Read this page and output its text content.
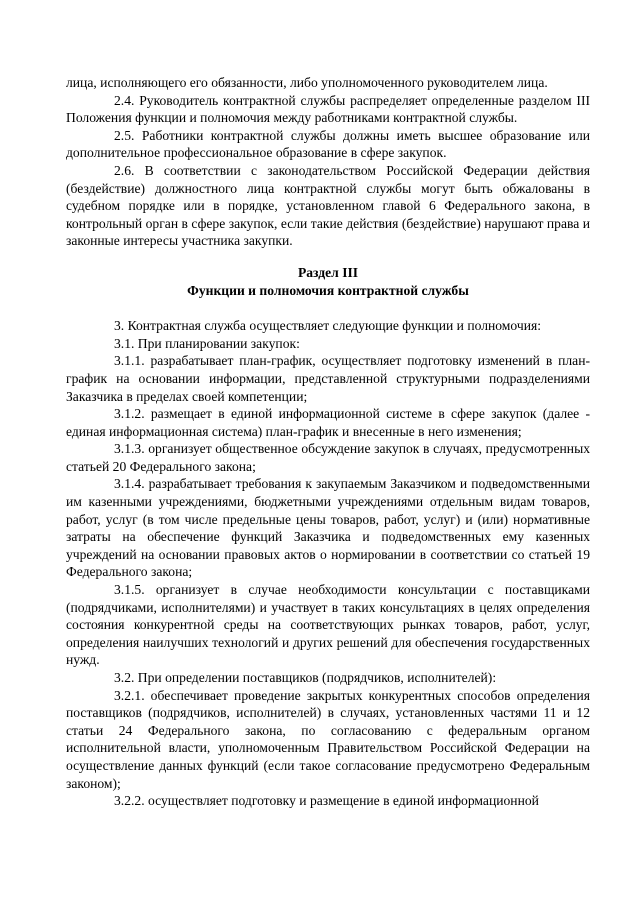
лица, исполняющего его обязанности, либо уполномоченного руководителем лица.

2.4. Руководитель контрактной службы распределяет определенные разделом III Положения функции и полномочия между работниками контрактной службы.

2.5. Работники контрактной службы должны иметь высшее образование или дополнительное профессиональное образование в сфере закупок.

2.6. В соответствии с законодательством Российской Федерации действия (бездействие) должностного лица контрактной службы могут быть обжалованы в судебном порядке или в порядке, установленном главой 6 Федерального закона, в контрольный орган в сфере закупок, если такие действия (бездействие) нарушают права и законные интересы участника закупки.

Раздел III

Функции и полномочия контрактной службы

3. Контрактная служба осуществляет следующие функции и полномочия:

3.1. При планировании закупок:

3.1.1. разрабатывает план-график, осуществляет подготовку изменений в план-график на основании информации, представленной структурными подразделениями Заказчика в пределах своей компетенции;

3.1.2. размещает в единой информационной системе в сфере закупок (далее - единая информационная система) план-график и внесенные в него изменения;

3.1.3. организует общественное обсуждение закупок в случаях, предусмотренных статьей 20 Федерального закона;

3.1.4. разрабатывает требования к закупаемым Заказчиком и подведомственными им казенными учреждениями, бюджетными учреждениями отдельным видам товаров, работ, услуг (в том числе предельные цены товаров, работ, услуг) и (или) нормативные затраты на обеспечение функций Заказчика и подведомственных ему казенных учреждений на основании правовых актов о нормировании в соответствии со статьей 19 Федерального закона;

3.1.5. организует в случае необходимости консультации с поставщиками (подрядчиками, исполнителями) и участвует в таких консультациях в целях определения состояния конкурентной среды на соответствующих рынках товаров, работ, услуг, определения наилучших технологий и других решений для обеспечения государственных нужд.

3.2. При определении поставщиков (подрядчиков, исполнителей):

3.2.1. обеспечивает проведение закрытых конкурентных способов определения поставщиков (подрядчиков, исполнителей) в случаях, установленных частями 11 и 12 статьи 24 Федерального закона, по согласованию с федеральным органом исполнительной власти, уполномоченным Правительством Российской Федерации на осуществление данных функций (если такое согласование предусмотрено Федеральным законом);

3.2.2. осуществляет подготовку и размещение в единой информационной
